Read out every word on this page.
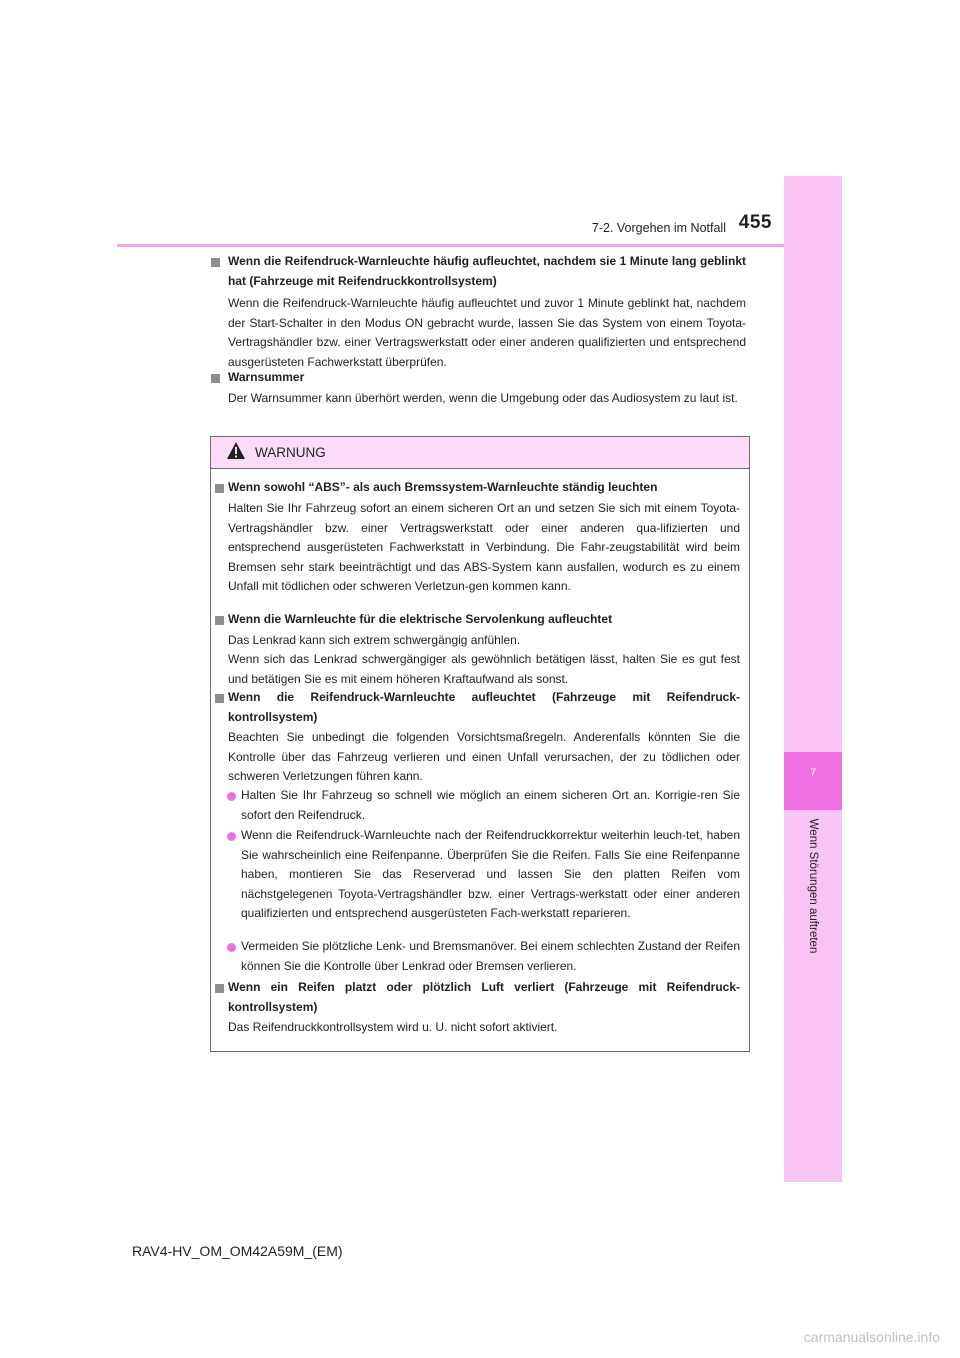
7
Wenn Störungen auftreten
7-2. Vorgehen im Notfall 455
Wenn die Reifendruck-Warnleuchte häufig aufleuchtet, nachdem sie 1 Minute lang geblinkt hat (Fahrzeuge mit Reifendruckkontrollsystem)
Wenn die Reifendruck-Warnleuchte häufig aufleuchtet und zuvor 1 Minute geblinkt hat, nachdem der Start-Schalter in den Modus ON gebracht wurde, lassen Sie das System von einem Toyota-Vertragshändler bzw. einer Vertragswerkstatt oder einer anderen qualifizierten und entsprechend ausgerüsteten Fachwerkstatt überprüfen.
Warnsummer
Der Warnsummer kann überhört werden, wenn die Umgebung oder das Audiosystem zu laut ist.
WARNUNG
Wenn sowohl “ABS”- als auch Bremssystem-Warnleuchte ständig leuchten
Halten Sie Ihr Fahrzeug sofort an einem sicheren Ort an und setzen Sie sich mit einem Toyota-Vertragshändler bzw. einer Vertragswerkstatt oder einer anderen qua-lifizierten und entsprechend ausgerüsteten Fachwerkstatt in Verbindung. Die Fahr-zeugstabilität wird beim Bremsen sehr stark beeinträchtigt und das ABS-System kann ausfallen, wodurch es zu einem Unfall mit tödlichen oder schweren Verletzun-gen kommen kann.
Wenn die Warnleuchte für die elektrische Servolenkung aufleuchtet
Das Lenkrad kann sich extrem schwergängig anfühlen.
Wenn sich das Lenkrad schwergängiger als gewöhnlich betätigen lässt, halten Sie es gut fest und betätigen Sie es mit einem höheren Kraftaufwand als sonst.
Wenn die Reifendruck-Warnleuchte aufleuchtet (Fahrzeuge mit Reifendruck-kontrollsystem)
Beachten Sie unbedingt die folgenden Vorsichtsmaßregeln. Anderenfalls könnten Sie die Kontrolle über das Fahrzeug verlieren und einen Unfall verursachen, der zu tödlichen oder schweren Verletzungen führen kann.
Halten Sie Ihr Fahrzeug so schnell wie möglich an einem sicheren Ort an. Korrigie-ren Sie sofort den Reifendruck.
Wenn die Reifendruck-Warnleuchte nach der Reifendruckkorrektur weiterhin leuch-tet, haben Sie wahrscheinlich eine Reifenpanne. Überprüfen Sie die Reifen. Falls Sie eine Reifenpanne haben, montieren Sie das Reserverad und lassen Sie den platten Reifen vom nächstgelegenen Toyota-Vertragshändler bzw. einer Vertrags-werkstatt oder einer anderen qualifizierten und entsprechend ausgerüsteten Fach-werkstatt reparieren.
Vermeiden Sie plötzliche Lenk- und Bremsmanöver. Bei einem schlechten Zustand der Reifen können Sie die Kontrolle über Lenkrad oder Bremsen verlieren.
Wenn ein Reifen platzt oder plötzlich Luft verliert (Fahrzeuge mit Reifendruck-kontrollsystem)
Das Reifendruckkontrollsystem wird u. U. nicht sofort aktiviert.
RAV4-HV_OM_OM42A59M_(EM)
carmanualsonline.info
